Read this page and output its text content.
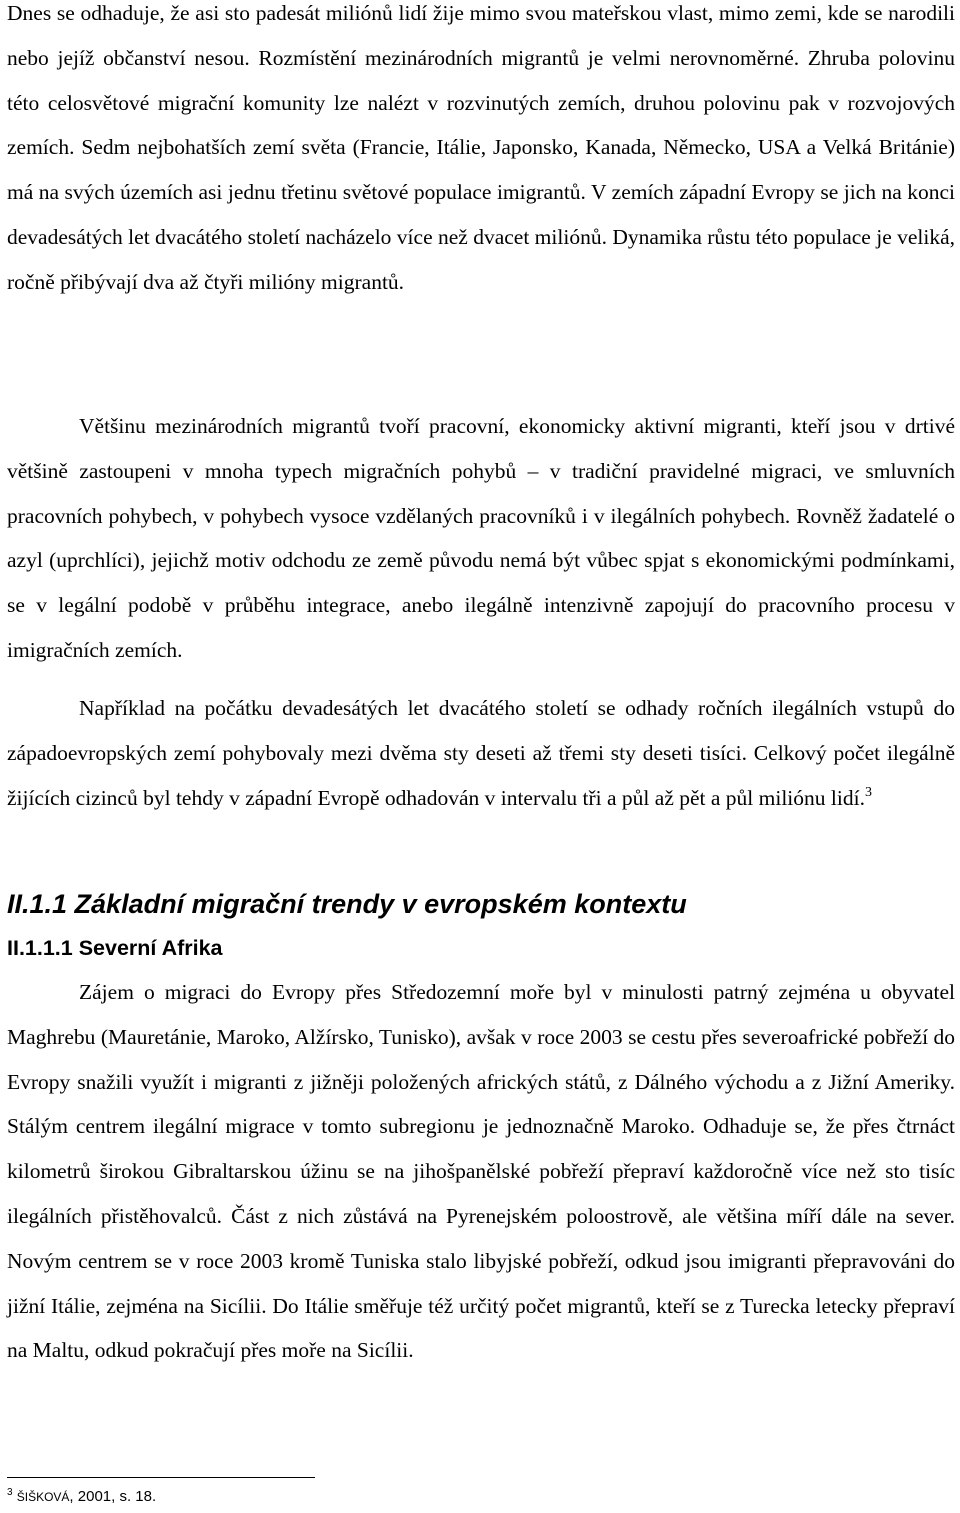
Dnes se odhaduje, že asi sto padesát miliónů lidí žije mimo svou mateřskou vlast, mimo zemi, kde se narodili nebo jejíž občanství nesou. Rozmístění mezinárodních migrantů je velmi nerovnoměrné. Zhruba polovinu této celosvětové migrační komunity lze nalézt v rozvinutých zemích, druhou polovinu pak v rozvojových zemích. Sedm nejbohatších zemí světa (Francie, Itálie, Japonsko, Kanada, Německo, USA a Velká Británie) má na svých územích asi jednu třetinu světové populace imigrantů. V zemích západní Evropy se jich na konci devadesátých let dvacátého století nacházelo více než dvacet miliónů. Dynamika růstu této populace je veliká, ročně přibývají dva až čtyři milióny migrantů.

Většinu mezinárodních migrantů tvoří pracovní, ekonomicky aktivní migranti, kteří jsou v drtivé většině zastoupeni v mnoha typech migračních pohybů – v tradiční pravidelné migraci, ve smluvních pracovních pohybech, v pohybech vysoce vzdělaných pracovníků i v ilegálních pohybech. Rovněž žadatelé o azyl (uprchlíci), jejichž motiv odchodu ze země původu nemá být vůbec spjat s ekonomickými podmínkami, se v legální podobě v průběhu integrace, anebo ilegálně intenzivně zapojují do pracovního procesu v imigračních zemích.

Například na počátku devadesátých let dvacátého století se odhady ročních ilegálních vstupů do západoevropských zemí pohybovaly mezi dvěma sty deseti až třemi sty deseti tisíci. Celkový počet ilegálně žijících cizinců byl tehdy v západní Evropě odhadován v intervalu tři a půl až pět a půl miliónu lidí.$^3$

II.1.1 Základní migrační trendy v evropském kontextu
II.1.1.1 Severní Afrika

Zájem o migraci do Evropy přes Středozemní moře byl v minulosti patrný zejména u obyvatel Maghrebu (Mauretánie, Maroko, Alžírsko, Tunisko), avšak v roce 2003 se cestu přes severoafrické pobřeží do Evropy snažili využít i migranti z jižněji položených afrických států, z Dálného východu a z Jižní Ameriky. Stálým centrem ilegální migrace v tomto subregionu je jednoznačně Maroko. Odhaduje se, že přes čtrnáct kilometrů širokou Gibraltarskou úžinu se na jihošpanělské pobřeží přepraví každoročně více než sto tisíc ilegálních přistěhovalců. Část z nich zůstává na Pyrenejském poloostrově, ale většina míří dále na sever. Novým centrem se v roce 2003 kromě Tuniska stalo libyjské pobřeží, odkud jsou imigranti přepravováni do jižní Itálie, zejména na Sicílii. Do Itálie směřuje též určitý počet migrantů, kteří se z Turecka letecky přepraví na Maltu, odkud pokračují přes moře na Sicílii.

$^3$ ŠIŠKOVÁ, 2001, s. 18.
